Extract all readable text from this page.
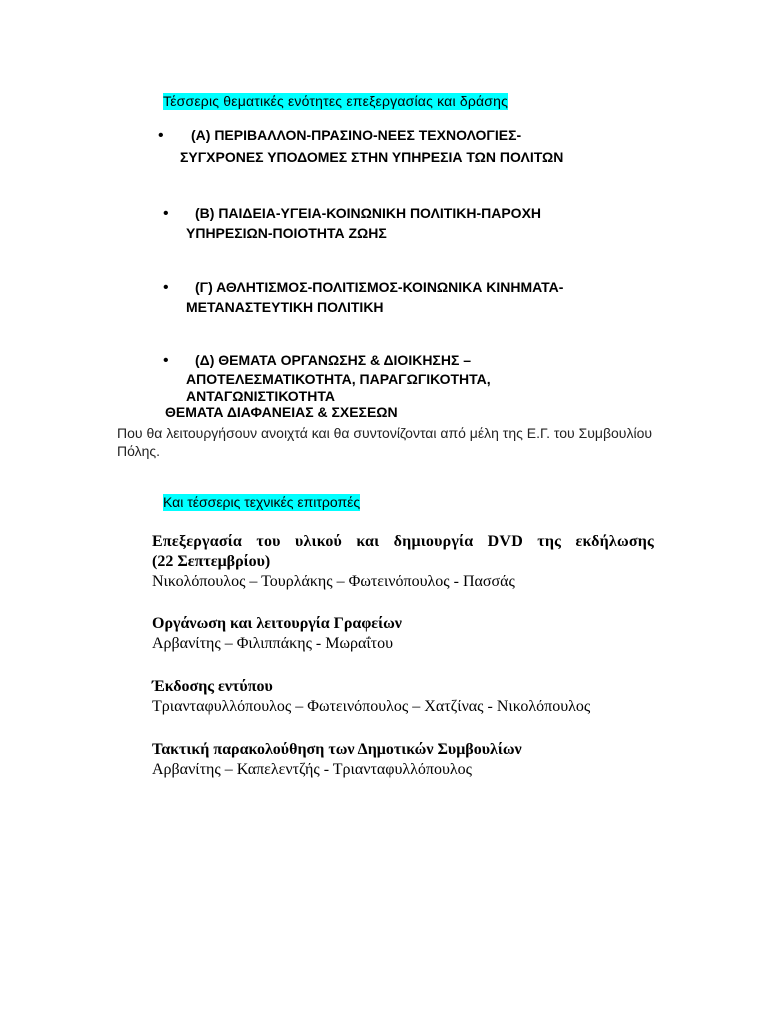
Τέσσερις θεματικές ενότητες επεξεργασίας και δράσης
• (Α) ΠΕΡΙΒΑΛΛΟΝ-ΠΡΑΣΙΝΟ-ΝΕΕΣ ΤΕΧΝΟΛΟΓΙΕΣ-
ΣΥΓΧΡΟΝΕΣ ΥΠΟΔΟΜΕΣ ΣΤΗΝ ΥΠΗΡΕΣΙΑ ΤΩΝ ΠΟΛΙΤΩΝ
• (Β) ΠΑΙΔΕΙΑ-ΥΓΕΙΑ-ΚΟΙΝΩΝΙΚΗ ΠΟΛΙΤΙΚΗ-ΠΑΡΟΧΗ
ΥΠΗΡΕΣΙΩΝ-ΠΟΙΟΤΗΤΑ ΖΩΗΣ
• (Γ) ΑΘΛΗΤΙΣΜΟΣ-ΠΟΛΙΤΙΣΜΟΣ-ΚΟΙΝΩΝΙΚΑ ΚΙΝΗΜΑΤΑ-
ΜΕΤΑΝΑΣΤΕΥΤΙΚΗ ΠΟΛΙΤΙΚΗ
• (Δ) ΘΕΜΑΤΑ ΟΡΓΑΝΩΣΗΣ & ΔΙΟΙΚΗΣΗΣ –
ΑΠΟΤΕΛΕΣΜΑΤΙΚΟΤΗΤΑ, ΠΑΡΑΓΩΓΙΚΟΤΗΤΑ,
ΑΝΤΑΓΩΝΙΣΤΙΚΟΤΗΤΑ
ΘΕΜΑΤΑ ΔΙΑΦΑΝΕΙΑΣ & ΣΧΕΣΕΩΝ
Που θα λειτουργήσουν ανοιχτά και θα συντονίζονται από μέλη της Ε.Γ. του Συμβουλίου Πόλης.
Και τέσσερις τεχνικές επιτροπές
Επεξεργασία του υλικού και δημιουργία DVD της εκδήλωσης
(22 Σεπτεμβρίου)
Νικολόπουλος – Τουρλάκης – Φωτεινόπουλος - Πασσάς
Οργάνωση και λειτουργία Γραφείων
Αρβανίτης – Φιλιππάκης - Μωραΐτου
Έκδοσης εντύπου
Τριανταφυλλόπουλος – Φωτεινόπουλος – Χατζίνας - Νικολόπουλος
Τακτική παρακολούθηση των Δημοτικών Συμβουλίων
Αρβανίτης – Καπελεντζής - Τριανταφυλλόπουλος
